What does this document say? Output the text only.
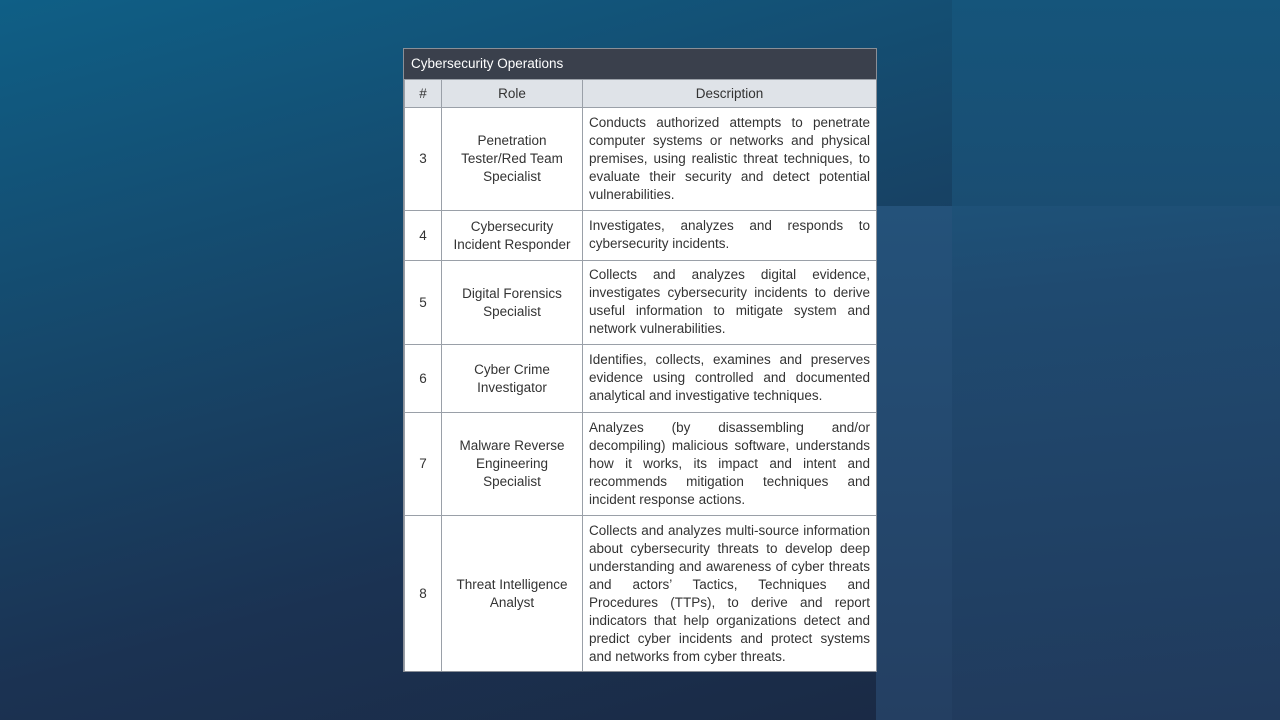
Cybersecurity Operations
#	Role	Description
3	Penetration Tester/Red Team Specialist	Conducts authorized attempts to penetrate computer systems or networks and physical premises, using realistic threat techniques, to evaluate their security and detect potential vulnerabilities.
4	Cybersecurity Incident Responder	Investigates, analyzes and responds to cybersecurity incidents.
5	Digital Forensics Specialist	Collects and analyzes digital evidence, investigates cybersecurity incidents to derive useful information to mitigate system and network vulnerabilities.
6	Cyber Crime Investigator	Identifies, collects, examines and preserves evidence using controlled and documented analytical and investigative techniques.
7	Malware Reverse Engineering Specialist	Analyzes (by disassembling and/or decompiling) malicious software, understands how it works, its impact and intent and recommends mitigation techniques and incident response actions.
8	Threat Intelligence Analyst	Collects and analyzes multi-source information about cybersecurity threats to develop deep understanding and awareness of cyber threats and actors’ Tactics, Techniques and Procedures (TTPs), to derive and report indicators that help organizations detect and predict cyber incidents and protect systems and networks from cyber threats.
